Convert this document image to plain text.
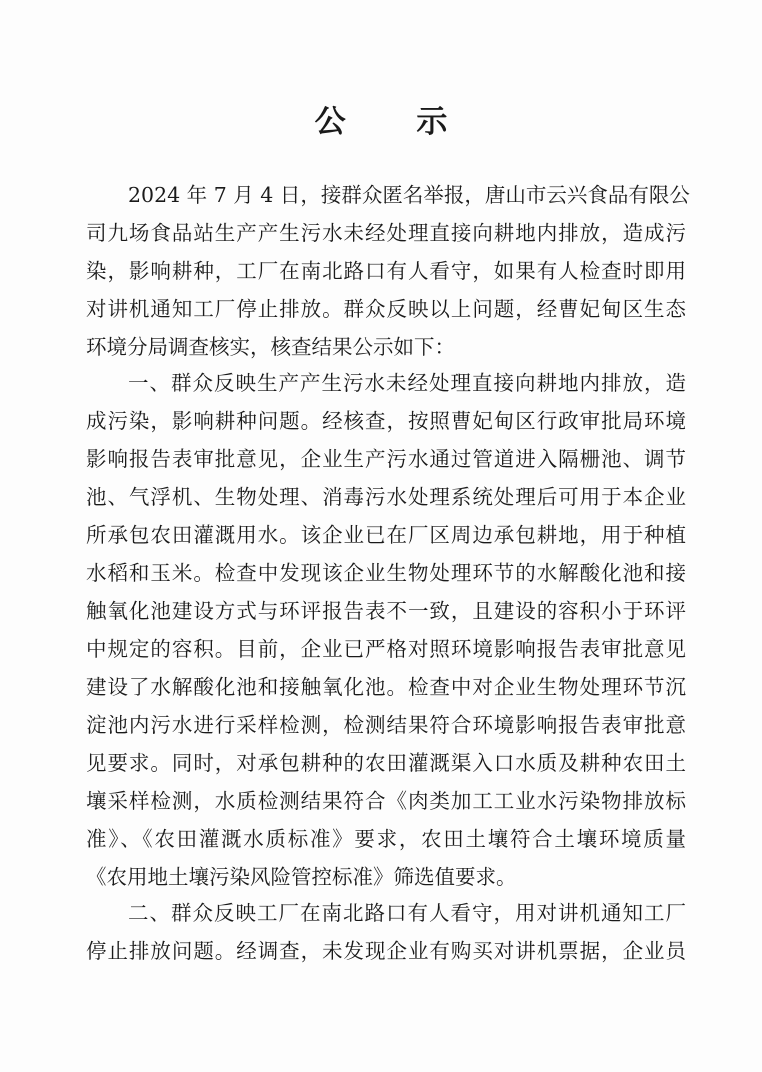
公 示
2024 年 7 月 4 日，接群众匿名举报，唐山市云兴食品有限公
司九场食品站生产产生污水未经处理直接向耕地内排放，造成污
染，影响耕种，工厂在南北路口有人看守，如果有人检查时即用
对讲机通知工厂停止排放。群众反映以上问题，经曹妃甸区生态
环境分局调查核实，核查结果公示如下：
一、群众反映生产产生污水未经处理直接向耕地内排放，造
成污染，影响耕种问题。经核查，按照曹妃甸区行政审批局环境
影响报告表审批意见，企业生产污水通过管道进入隔栅池、调节
池、气浮机、生物处理、消毒污水处理系统处理后可用于本企业
所承包农田灌溉用水。该企业已在厂区周边承包耕地，用于种植
水稻和玉米。检查中发现该企业生物处理环节的水解酸化池和接
触氧化池建设方式与环评报告表不一致，且建设的容积小于环评
中规定的容积。目前，企业已严格对照环境影响报告表审批意见
建设了水解酸化池和接触氧化池。检查中对企业生物处理环节沉
淀池内污水进行采样检测，检测结果符合环境影响报告表审批意
见要求。同时，对承包耕种的农田灌溉渠入口水质及耕种农田土
壤采样检测，水质检测结果符合《肉类加工工业水污染物排放标
准》、《农田灌溉水质标准》要求，农田土壤符合土壤环境质量
《农用地土壤污染风险管控标准》筛选值要求。
二、群众反映工厂在南北路口有人看守，用对讲机通知工厂
停止排放问题。经调查，未发现企业有购买对讲机票据，企业员
